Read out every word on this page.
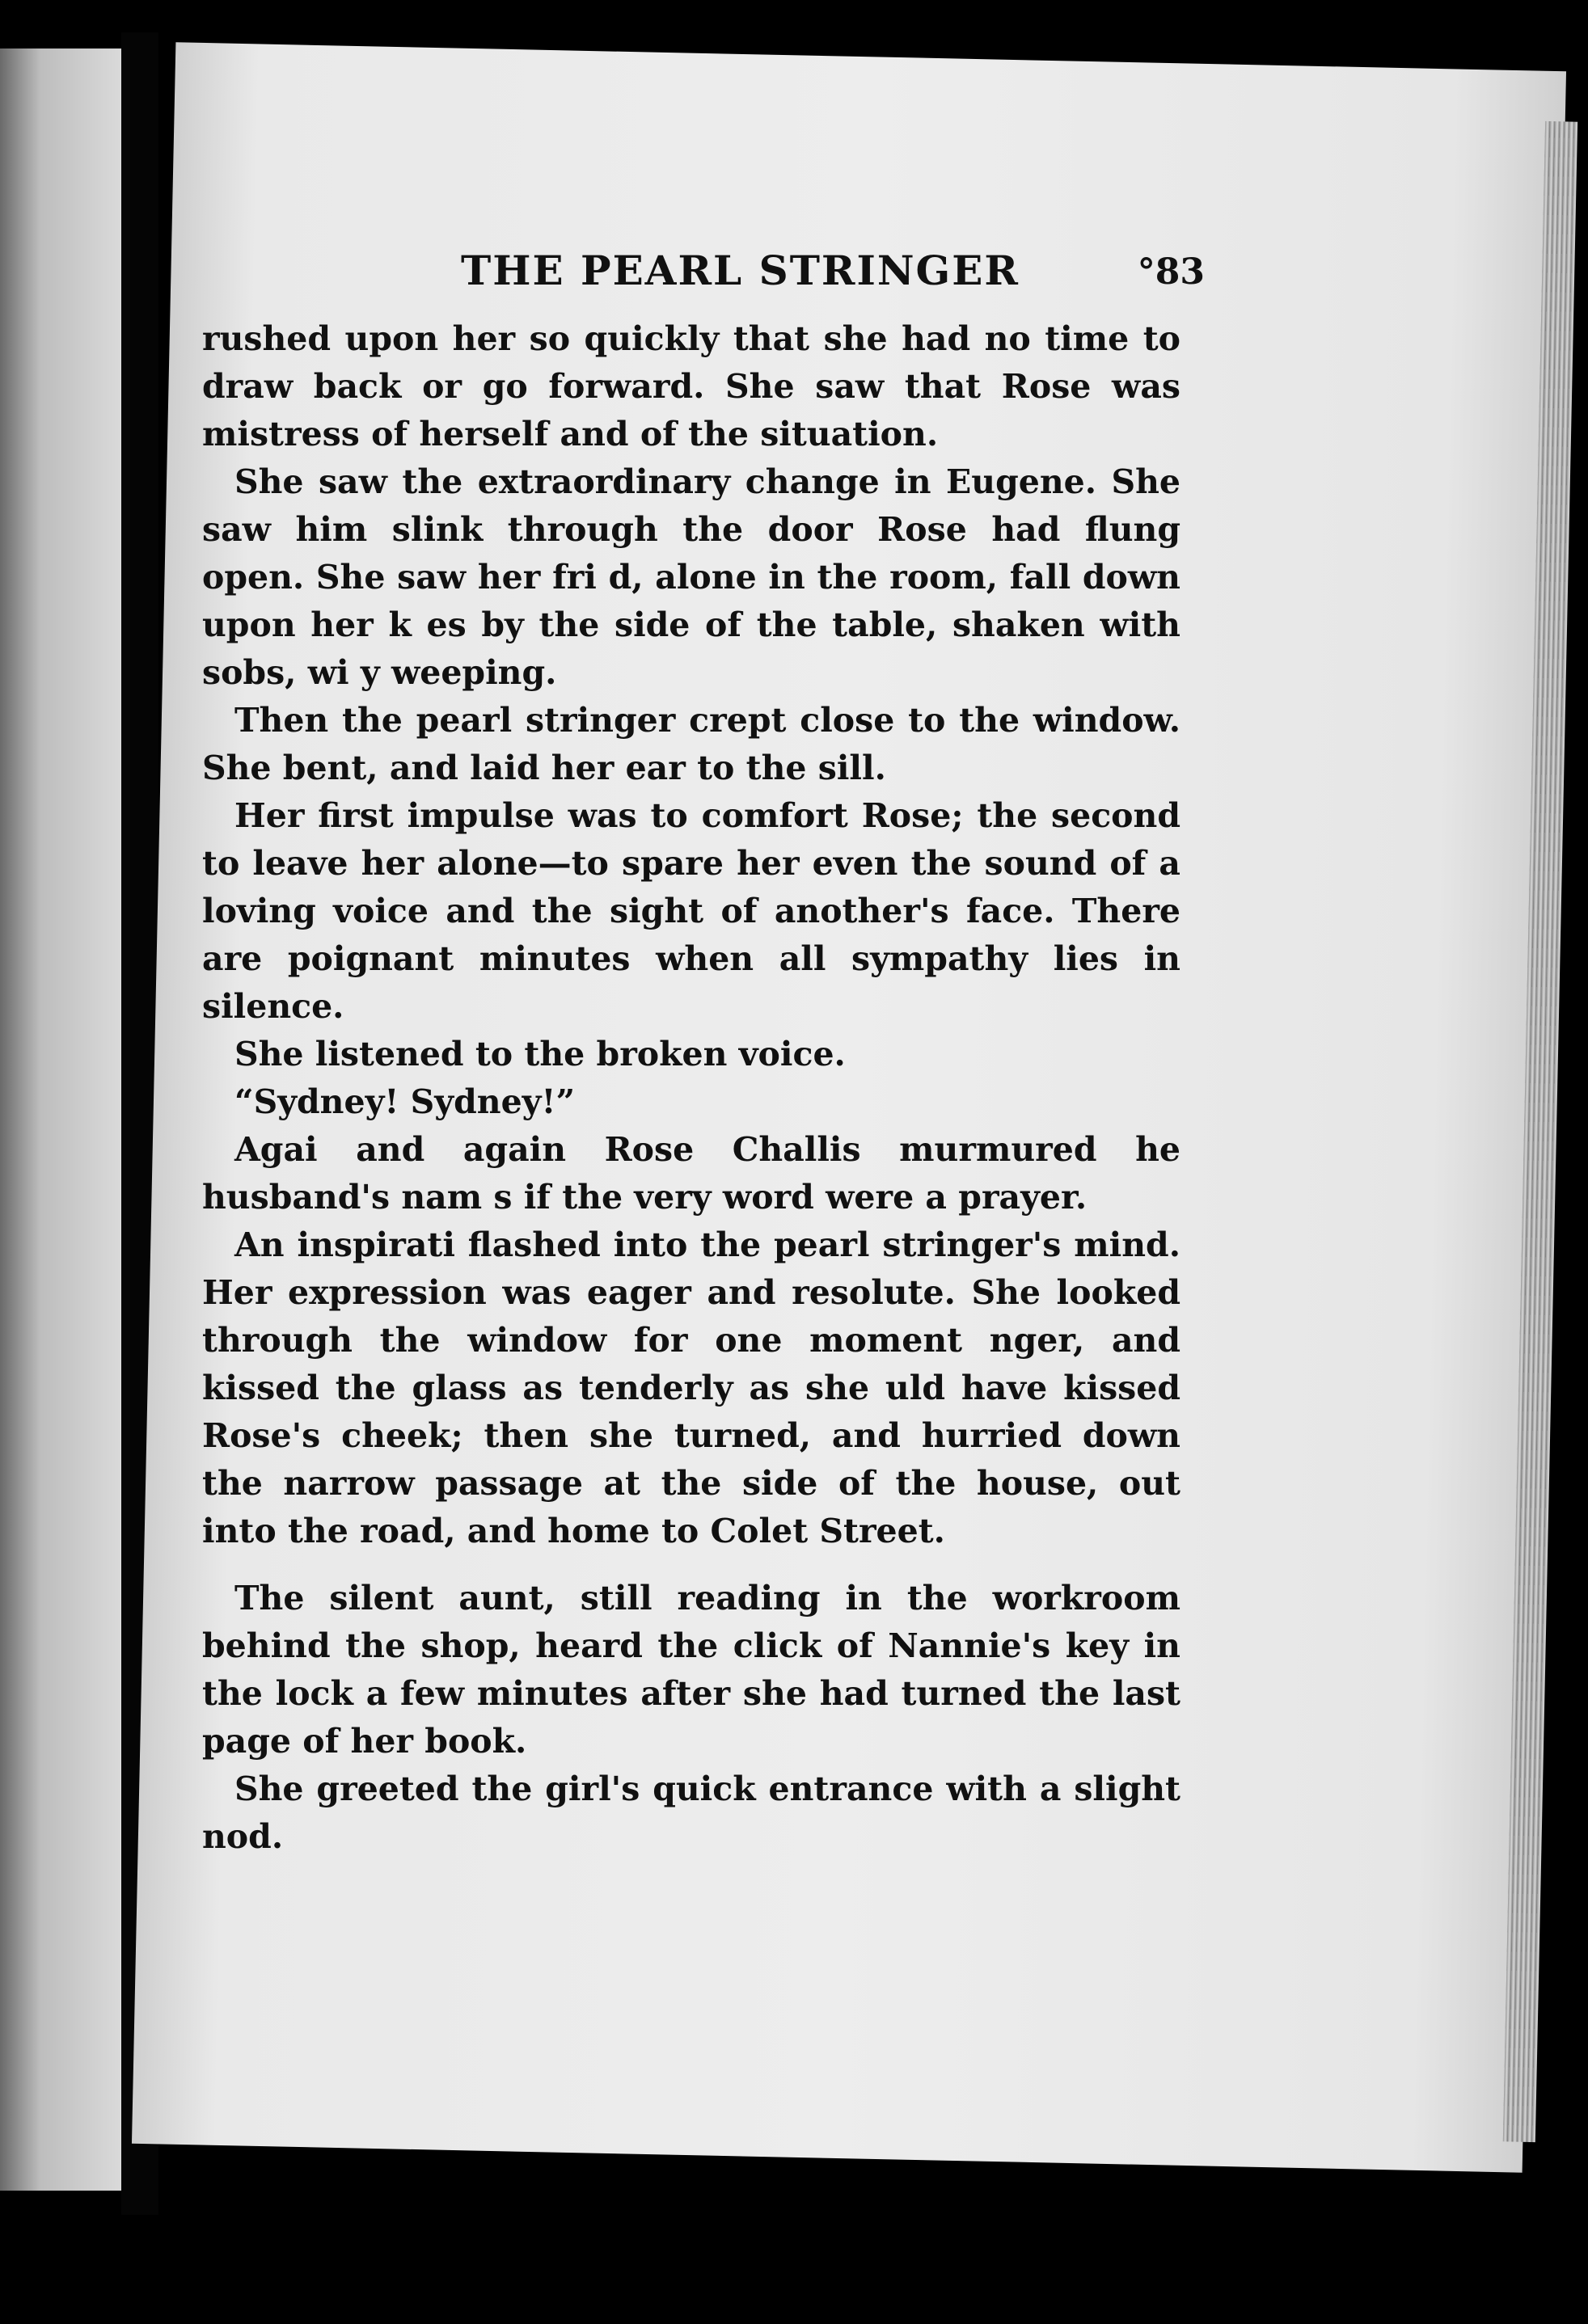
THE PEARL STRINGER	°83

rushed upon her so quickly that she had no time to draw back or go forward. She saw that Rose was mistress of herself and of the situation.

She saw the extraordinary change in Eugene. She saw him slink through the door Rose had flung open. She saw her fri d, alone in the room, fall down upon her k es by the side of the table, shaken with sobs, wi y weeping.

Then the pearl stringer crept close to the window. She bent, and laid her ear to the sill.

Her first impulse was to comfort Rose; the second to leave her alone—to spare her even the sound of a loving voice and the sight of another's face. There are poignant minutes when all sympathy lies in silence.

She listened to the broken voice.

“Sydney! Sydney!”

Agai and again Rose Challis murmured he husband's nam s if the very word were a prayer.

An inspirati flashed into the pearl stringer's mind. Her expression was eager and resolute. She looked through the window for one moment nger, and kissed the glass as tenderly as she uld have kissed Rose's cheek; then she turned, and hurried down the narrow passage at the side of the house, out into the road, and home to Colet Street.

The silent aunt, still reading in the workroom behind the shop, heard the click of Nannie's key in the lock a few minutes after she had turned the last page of her book.

She greeted the girl's quick entrance with a slight nod.
